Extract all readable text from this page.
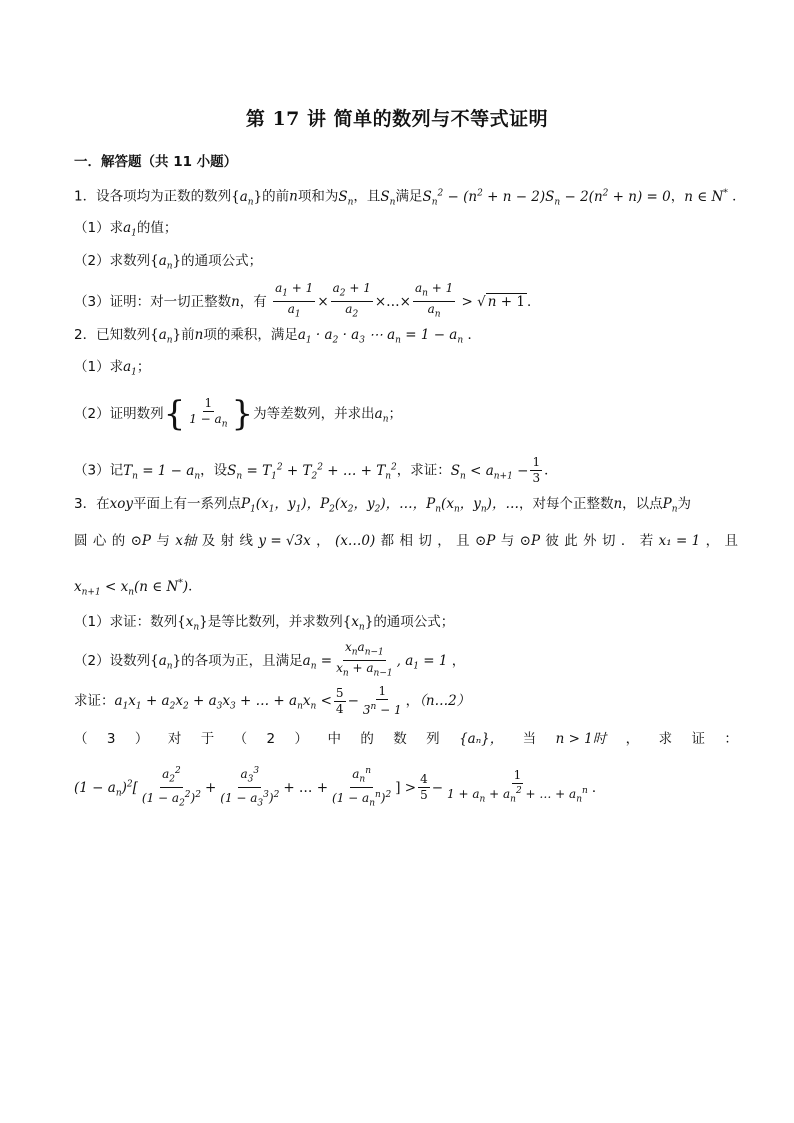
第 17 讲 简单的数列与不等式证明
一．解答题（共 11 小题）
1．设各项均为正数的数列$\{a_n\}$的前n项和为$S_n$，且$S_n$满足$S_n^2 - (n^2 + n - 2)S_n - 2(n^2 + n) = 0$，n ∈ N* ．
（1）求$a_1$的值；
（2）求数列$\{a_n\}$的通项公式；
（3）证明：对一切正整数n，有 $\frac{a_1 + 1}{a_1} \times \frac{a_2 + 1}{a_2}$ ×…× $\frac{a_n + 1}{a_n}$ > √ n + 1 ．
2．已知数列$\{a_n\}$前n项的乘积，满足$a_1 \cdot a_2 \cdot a_3$ ⋯ $a_n = 1 - a_n$ ．
（1）求$a_1$；
（2）证明数列{ $\frac{1}{1 - a_n}$ }为等差数列，并求出$a_n$；
（3）记$T_n = 1 - a_n$，设$S_n = T_1^2 + T_2^2$ + … + $T_n^2$，求证：$S_n < a_{n+1} - \frac{1}{3}$ ．
3．在xoy平面上有一系列点$P_1(x_1$，$y_1$)，$P_2(x_2$，$y_2$)，…，$P_n(x_n$，$y_n$)，…，对每个正整数n，以点$P_n$为
圆 心 的 ⊙P 与 x轴 及 射 线 y = √3x ， (x…0) 都 相 切 ， 且 ⊙P 与 ⊙P 彼 此 外 切 ． 若 x₁ = 1 ， 且
$x_{n+1} < x_n(n$ ∈ N*)．
（1）求证：数列$\{x_n\}$是等比数列，并求数列$\{x_n\}$的通项公式；
（2）设数列$\{a_n\}$的各项为正，且满足$a_n = \frac{x_na_{n-1}}{x_n + a_{n-1}}$ , $a_1 = 1$ ，
求证：$a_1x_1 + a_2x_2 + a_3x_3$ + … + $a_nx_n < \frac{5}{4} - \frac{1}{3^n - 1}$ ，（n…2）
（ 3 ） 对 于 （ 2 ） 中 的 数 列 {aₙ}， 当 n > 1时 ， 求 证 ：
$(1 - a_n)^2[ \frac{a_2^2}{(1 - a_2^2)^2} + \frac{a_3^3}{(1 - a_3^3)^2}$ + … + $\frac{a_n^n}{(1 - a_n^n)^2}$ ] > $\frac{4}{5} - \frac{1}{1 + a_n + a_n^2 + \dots + a_n^n}$ ．
